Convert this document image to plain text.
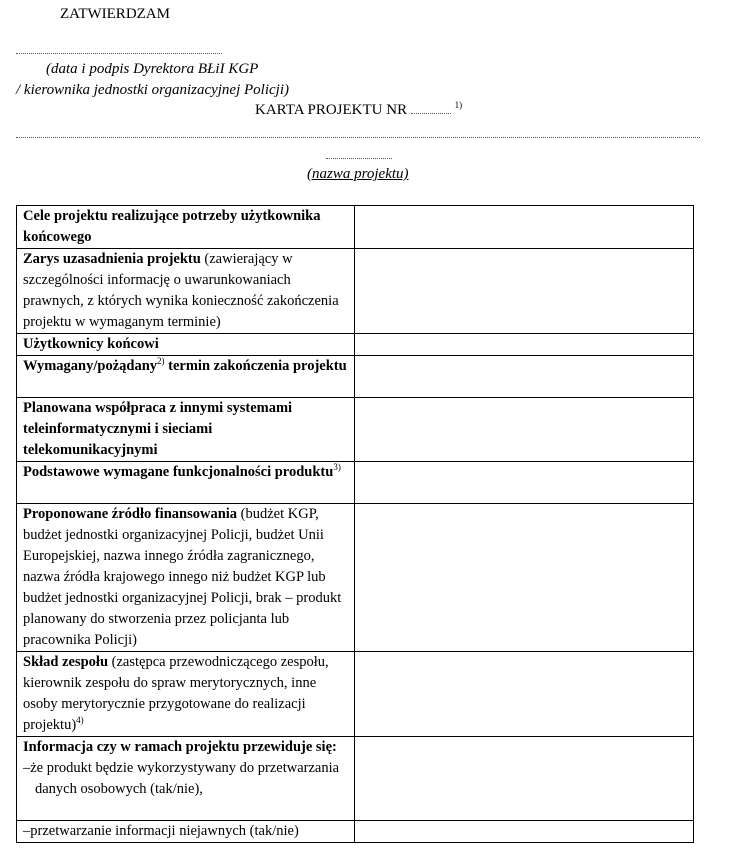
ZATWIERDZAM
(data i podpis Dyrektora BŁiI KGP
/ kierownika jednostki organizacyjnej Policji)
KARTA PROJEKTU NR	$^{1)}$
(nazwa projektu)
Cele projektu realizujące potrzeby użytkownika końcowego	
Zarys uzasadnienia projektu (zawierający w szczególności informację o uwarunkowaniach prawnych, z których wynika konieczność zakończenia projektu w wymaganym terminie)	
Użytkownicy końcowi	
Wymagany/pożądany$^{2)}$ termin zakończenia projektu	
Planowana współpraca z innymi systemami teleinformatycznymi i sieciami telekomunikacyjnymi	
Podstawowe wymagane funkcjonalności produktu$^{3)}$	
Proponowane źródło finansowania (budżet KGP, budżet jednostki organizacyjnej Policji, budżet Unii Europejskiej, nazwa innego źródła zagranicznego, nazwa źródła krajowego innego niż budżet KGP lub budżet jednostki organizacyjnej Policji, brak – produkt planowany do stworzenia przez policjanta lub pracownika Policji)	
Skład zespołu (zastępca przewodniczącego zespołu, kierownik zespołu do spraw merytorycznych, inne osoby merytorycznie przygotowane do realizacji projektu)$^{4)}$	
Informacja czy w ramach projektu przewiduje się:
–że produkt będzie wykorzystywany do przetwarzania danych osobowych (tak/nie),	

–przetwarzanie informacji niejawnych (tak/nie)	
